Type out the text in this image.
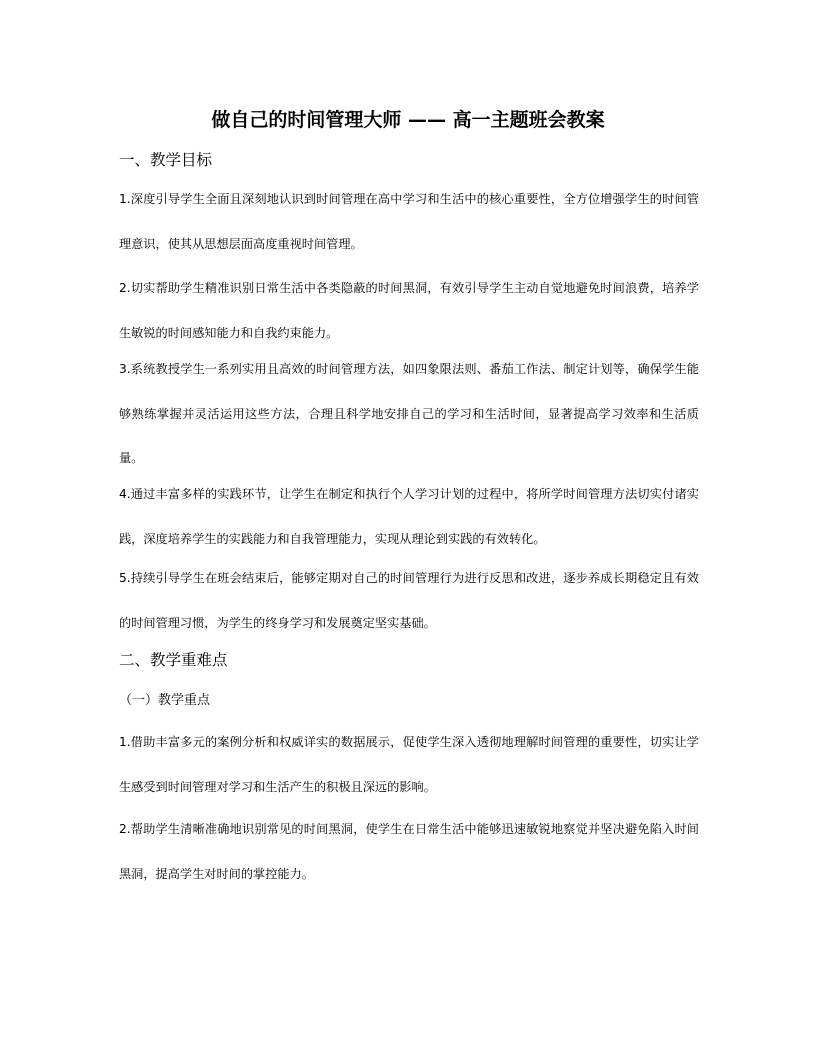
做自己的时间管理大师 —— 高一主题班会教案
一、教学目标
1.深度引导学生全面且深刻地认识到时间管理在高中学习和生活中的核心重要性，全方位增强学生的时间管理意识，使其从思想层面高度重视时间管理。
2.切实帮助学生精准识别日常生活中各类隐蔽的时间黑洞，有效引导学生主动自觉地避免时间浪费，培养学生敏锐的时间感知能力和自我约束能力。
3.系统教授学生一系列实用且高效的时间管理方法，如四象限法则、番茄工作法、制定计划等，确保学生能够熟练掌握并灵活运用这些方法，合理且科学地安排自己的学习和生活时间，显著提高学习效率和生活质量。
4.通过丰富多样的实践环节，让学生在制定和执行个人学习计划的过程中，将所学时间管理方法切实付诸实践，深度培养学生的实践能力和自我管理能力，实现从理论到实践的有效转化。
5.持续引导学生在班会结束后，能够定期对自己的时间管理行为进行反思和改进，逐步养成长期稳定且有效的时间管理习惯，为学生的终身学习和发展奠定坚实基础。
二、教学重难点
（一）教学重点
1.借助丰富多元的案例分析和权威详实的数据展示，促使学生深入透彻地理解时间管理的重要性，切实让学生感受到时间管理对学习和生活产生的积极且深远的影响。
2.帮助学生清晰准确地识别常见的时间黑洞，使学生在日常生活中能够迅速敏锐地察觉并坚决避免陷入时间黑洞，提高学生对时间的掌控能力。
